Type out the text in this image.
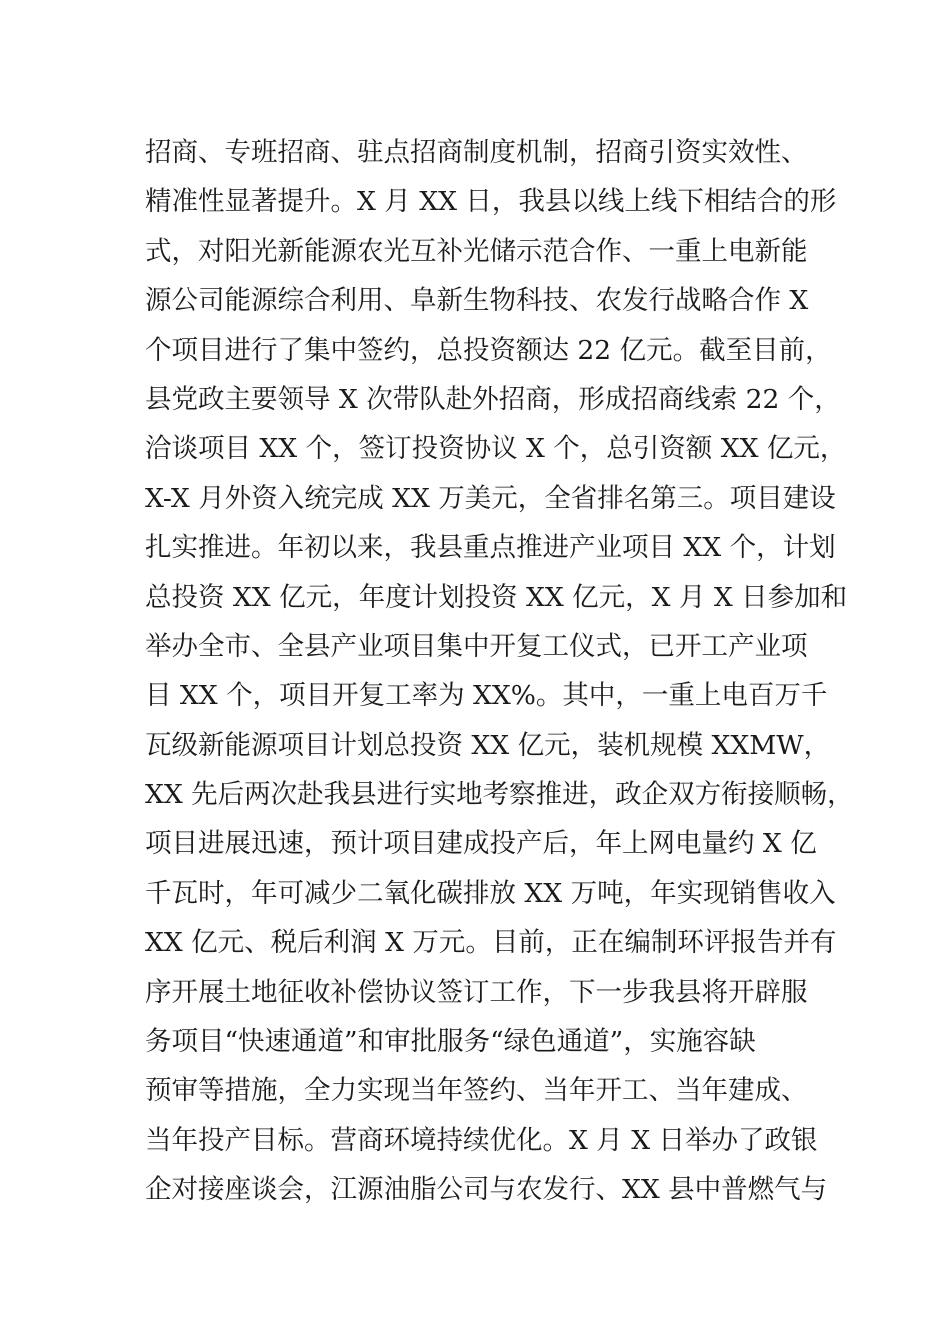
招商、专班招商、驻点招商制度机制，招商引资实效性、
精准性显著提升。X 月 XX 日，我县以线上线下相结合的形
式，对阳光新能源农光互补光储示范合作、一重上电新能
源公司能源综合利用、阜新生物科技、农发行战略合作 X
个项目进行了集中签约，总投资额达 22 亿元。截至目前，
县党政主要领导 X 次带队赴外招商，形成招商线索 22 个，
洽谈项目 XX 个，签订投资协议 X 个，总引资额 XX 亿元，
X-X 月外资入统完成 XX 万美元，全省排名第三。项目建设
扎实推进。年初以来，我县重点推进产业项目 XX 个，计划
总投资 XX 亿元，年度计划投资 XX 亿元，X 月 X 日参加和
举办全市、全县产业项目集中开复工仪式，已开工产业项
目 XX 个，项目开复工率为 XX%。其中，一重上电百万千
瓦级新能源项目计划总投资 XX 亿元，装机规模 XXMW，
XX 先后两次赴我县进行实地考察推进，政企双方衔接顺畅，
项目进展迅速，预计项目建成投产后，年上网电量约 X 亿
千瓦时，年可减少二氧化碳排放 XX 万吨，年实现销售收入
XX 亿元、税后利润 X 万元。目前，正在编制环评报告并有
序开展土地征收补偿协议签订工作，下一步我县将开辟服
务项目“快速通道”和审批服务“绿色通道”，实施容缺
预审等措施，全力实现当年签约、当年开工、当年建成、
当年投产目标。营商环境持续优化。X 月 X 日举办了政银
企对接座谈会，江源油脂公司与农发行、XX 县中普燃气与
